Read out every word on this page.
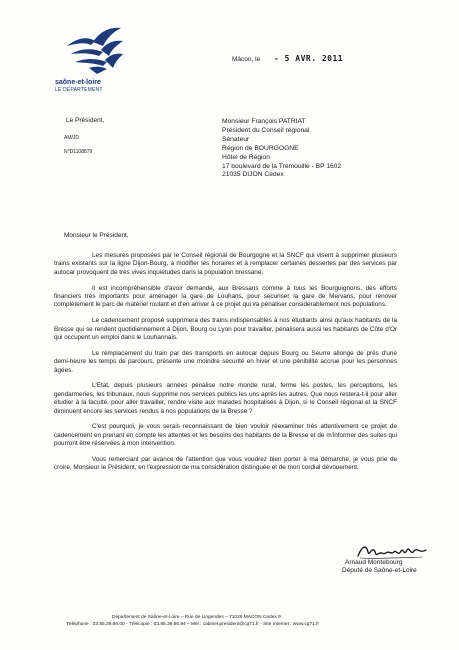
saône-et-loire
LE DÉPARTEMENT
Mâcon, le - 5 AVR. 2011
Le Président,
AM/JD
N°D1108879
Monsieur François PATRIAT
Président du Conseil régional
Sénateur
Région de BOURGOGNE
Hôtel de Région
17 boulevard de la Trémouille - BP 1602
21035 DIJON Cedex
Monsieur le Président,

Les mesures proposées par le Conseil régional de Bourgogne et la SNCF qui visent à supprimer plusieurs trains existants sur la ligne Dijon-Bourg, à modifier les horaires et à remplacer certaines dessertes par des services par autocar provoquent de très vives inquiétudes dans la population bressane.

Il est incompréhensible d'avoir demandé, aux Bressans comme à tous les Bourguignons, des efforts financiers très importants pour aménager la gare de Louhans, pour sécuriser la gare de Mervans, pour rénover complètement le parc de matériel roulant et d'en arriver à ce projet qui va pénaliser considérablement nos populations.

Le cadencement proposé supprimera des trains indispensables à nos étudiants ainsi qu'aux habitants de la Bresse qui se rendent quotidiennement à Dijon, Bourg ou Lyon pour travailler, pénalisera aussi les habitants de Côte d'Or qui occupent un emploi dans le Louhannais.

Le remplacement du train par des transports en autocar depuis Bourg ou Seurre allonge de près d'une demi-heure les temps de parcours, présente une moindre sécurité en hiver et une pénibilité accrue pour les personnes âgées.

L'Etat, depuis plusieurs années pénalise notre monde rural, ferme les postes, les perceptions, les gendarmeries, les tribunaux, nous supprime nos services publics les uns après les autres. Que nous restera-t-il pour aller étudier à la faculté, pour aller travailler, rendre visite aux malades hospitalisés à Dijon, si le Conseil régional et la SNCF diminuent encore les services rendus à nos populations de la Bresse ?

C'est pourquoi, je vous serais reconnaissant de bien vouloir réexaminer très attentivement ce projet de cadencement en prenant en compte les attentes et les besoins des habitants de la Bresse et de m'informer des suites qui pourront être réservées à mon intervention.

Vous remerciant par avance de l'attention que vous voudrez bien porter à ma démarche, je vous prie de croire, Monsieur le Président, en l'expression de ma considération distinguée et de mon cordial dévouement.

Arnaud Montebourg
Député de Saône-et-Loire
Département de Saône-et-Loire – Rue de Lingendes – 71026 MACON Cedex 9
Téléphone : 03.85.39.66.00 - Télécopie : 03.85.39.66.94 – Mél : cabinet.president@cg71.fr - Site Internet : www.cg71.fr
